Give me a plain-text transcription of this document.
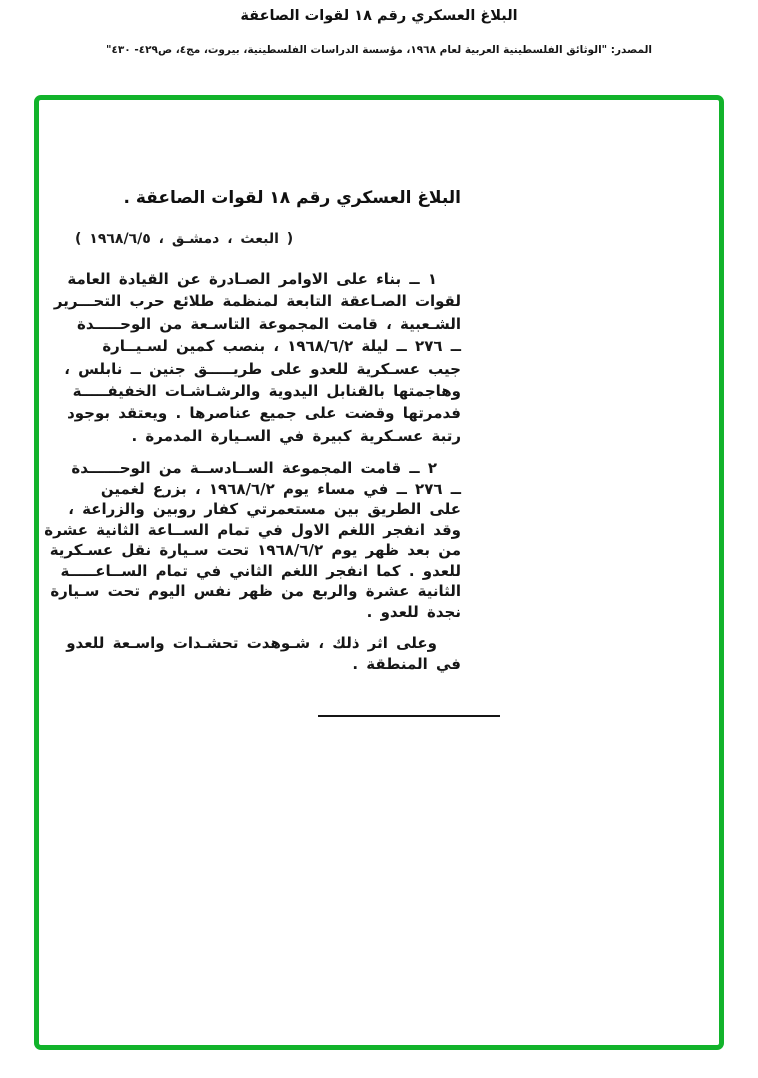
البلاغ العسكري رقم ١٨ لقوات الصاعقة
المصدر: "الوثائق الفلسطينية العربية لعام ١٩٦٨، مؤسسة الدراسات الفلسطينية، بيروت، مج٤، ص٤٢٩- ٤٣٠"
البلاغ العسكري رقم ١٨ لقوات الصاعقة .
( البعث ، دمشـق ، ١٩٦٨/٦/٥ )
١ ــ بناء على الاوامر الصـادرة عن القيادة العامة
لقوات الصـاعقة التابعة لمنظمة طلائع حرب التحـــرير
الشـعبية ، قامت المجموعة التاسـعة من الوحـــــدة
ــ ٢٧٦ ــ ليلة ١٩٦٨/٦/٢ ، بنصب كمين لسـيــارة
جيب عسـكرية للعدو على طريـــــق جنين ــ نابلس ،
وهاجمتها بالقنابل اليدوية والرشـاشـات الخفيفـــــة
فدمرتها وقضت على جميع عناصرها . ويعتقد بوجود
رتبة عسـكرية كبيرة في السـيارة المدمرة .
٢ ــ قامت المجموعة الســادســة من الوحــــــدة
ــ ٢٧٦ ــ في مساء يوم ١٩٦٨/٦/٢ ، بزرع لغمين
على الطريق بين مستعمرتي كفار روبين والزراعة ،
وقد انفجر اللغم الاول في تمام الســاعة الثانية عشرة
من بعد ظهر يوم ١٩٦٨/٦/٢ تحت سـيارة نقل عسـكرية
للعدو . كما انفجر اللغم الثاني في تمام الســاعـــــة
الثانية عشرة والربع من ظهر نفس اليوم تحت سـيارة
نجدة للعدو .
وعلى اثر ذلك ، شـوهدت تحشـدات واسـعة للعدو
في المنطقة .
